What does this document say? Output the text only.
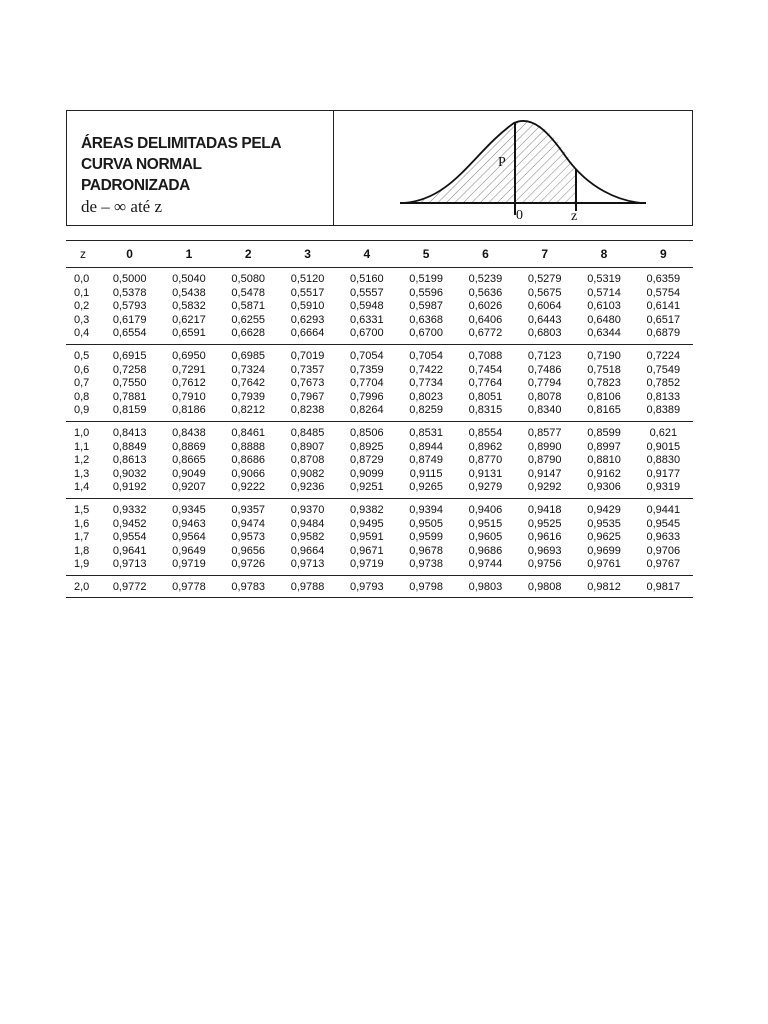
ÁREAS DELIMITADAS PELA
CURVA NORMAL
PADRONIZADA
de – ∞ até z
P
0	z
z	0	1	2	3	4	5	6	7	8	9
0,0	0,5000	0,5040	0,5080	0,5120	0,5160	0,5199	0,5239	0,5279	0,5319	0,6359
0,1	0,5378	0,5438	0,5478	0,5517	0,5557	0,5596	0,5636	0,5675	0,5714	0,5754
0,2	0,5793	0,5832	0,5871	0,5910	0,5948	0,5987	0,6026	0,6064	0,6103	0,6141
0,3	0,6179	0,6217	0,6255	0,6293	0,6331	0,6368	0,6406	0,6443	0,6480	0,6517
0,4	0,6554	0,6591	0,6628	0,6664	0,6700	0,6700	0,6772	0,6803	0,6344	0,6879
0,5	0,6915	0,6950	0,6985	0,7019	0,7054	0,7054	0,7088	0,7123	0,7190	0,7224
0,6	0,7258	0,7291	0,7324	0,7357	0,7359	0,7422	0,7454	0,7486	0,7518	0,7549
0,7	0,7550	0,7612	0,7642	0,7673	0,7704	0,7734	0,7764	0,7794	0,7823	0,7852
0,8	0,7881	0,7910	0,7939	0,7967	0,7996	0,8023	0,8051	0,8078	0,8106	0,8133
0,9	0,8159	0,8186	0,8212	0,8238	0,8264	0,8259	0,8315	0,8340	0,8165	0,8389
1,0	0,8413	0,8438	0,8461	0,8485	0,8506	0,8531	0,8554	0,8577	0,8599	0,621
1,1	0,8849	0,8869	0,8888	0,8907	0,8925	0,8944	0,8962	0,8990	0,8997	0,9015
1,2	0,8613	0,8665	0,8686	0,8708	0,8729	0,8749	0,8770	0,8790	0,8810	0,8830
1,3	0,9032	0,9049	0,9066	0,9082	0,9099	0,9115	0,9131	0,9147	0,9162	0,9177
1,4	0,9192	0,9207	0,9222	0,9236	0,9251	0,9265	0,9279	0,9292	0,9306	0,9319
1,5	0,9332	0,9345	0,9357	0,9370	0,9382	0,9394	0,9406	0,9418	0,9429	0,9441
1,6	0,9452	0,9463	0,9474	0,9484	0,9495	0,9505	0,9515	0,9525	0,9535	0,9545
1,7	0,9554	0,9564	0,9573	0,9582	0,9591	0,9599	0,9605	0,9616	0,9625	0,9633
1,8	0,9641	0,9649	0,9656	0,9664	0,9671	0,9678	0,9686	0,9693	0,9699	0,9706
1,9	0,9713	0,9719	0,9726	0,9713	0,9719	0,9738	0,9744	0,9756	0,9761	0,9767
2,0	0,9772	0,9778	0,9783	0,9788	0,9793	0,9798	0,9803	0,9808	0,9812	0,9817
